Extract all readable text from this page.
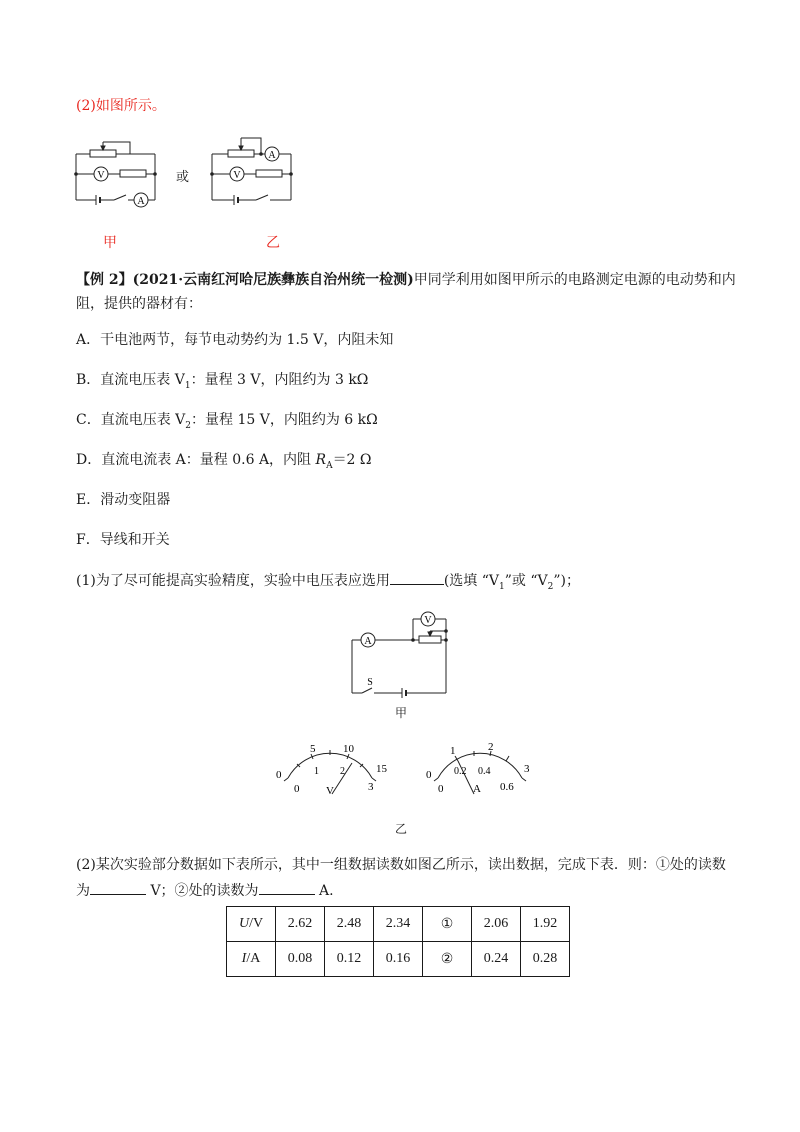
(2)如图所示。
V
A
或
A
V
甲	乙
【例 2】(2021·云南红河哈尼族彝族自治州统一检测)甲同学利用如图甲所示的电路测定电源的电动势和内
阻，提供的器材有：
A．干电池两节，每节电动势约为 1.5 V，内阻未知
B．直流电压表 $V_1$：量程 3 V，内阻约为 3 kΩ
C．直流电压表 $V_2$：量程 15 V，内阻约为 6 kΩ
D．直流电流表 A：量程 0.6 A，内阻 $R_A=2$ Ω
E．滑动变阻器
F．导线和开关
(1)为了尽可能提高实验精度，实验中电压表应选用	(选填 “$V_1$”或 “$V_2$”)；
A
V
S
甲
0
5	10
15
0
1 2
3
V
0
1	2
3
0
0.2 0.4
0.6
A
乙
(2)某次实验部分数据如下表所示，其中一组数据读数如图乙所示，读出数据，完成下表．则：①处的读数
为	V；②处的读数为	A.
U/V	2.62	2.48	2.34	①	2.06	1.92
I/A	0.08	0.12	0.16	②	0.24	0.28
